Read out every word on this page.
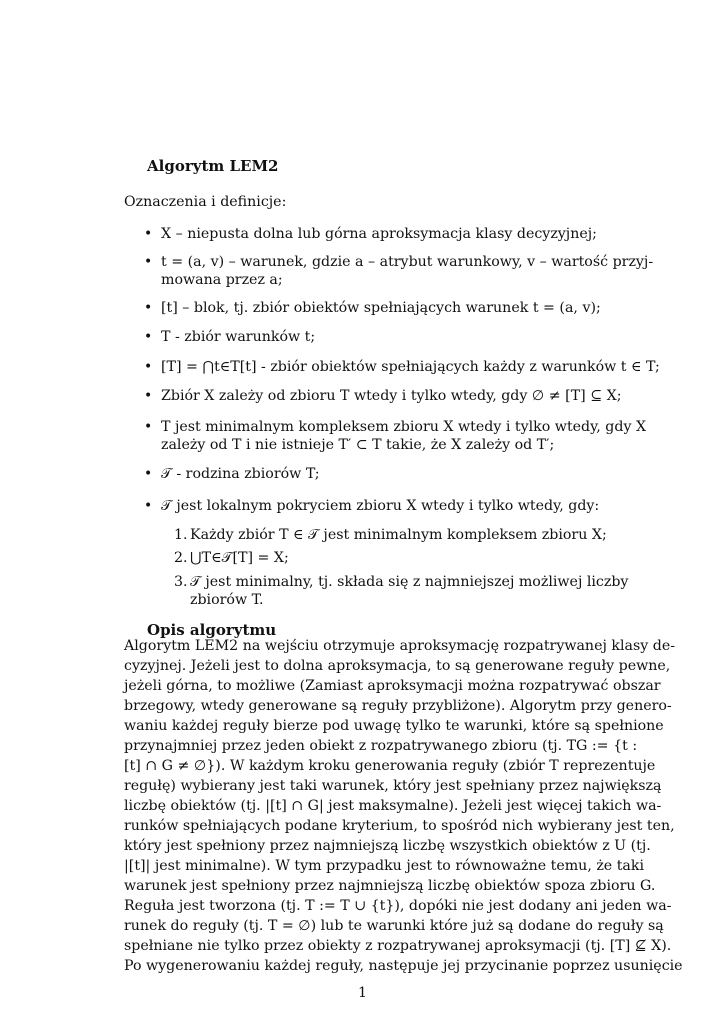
Algorytm LEM2
Oznaczenia i definicje:
• X – niepusta dolna lub górna aproksymacja klasy decyzyjnej;
• t = (a, v) – warunek, gdzie a – atrybut warunkowy, v – wartość przyj-
mowana przez a;
• [t] – blok, tj. zbiór obiektów spełniających warunek t = (a, v);
• T - zbiór warunków t;
• [T] = ⋂t∈T[t] - zbiór obiektów spełniających każdy z warunków t ∈ T;
• Zbiór X zależy od zbioru T wtedy i tylko wtedy, gdy ∅ ≠ [T] ⊆ X;
• T jest minimalnym kompleksem zbioru X wtedy i tylko wtedy, gdy X
zależy od T i nie istnieje T′ ⊂ T takie, że X zależy od T′;
• 𝒯 - rodzina zbiorów T;
• 𝒯 jest lokalnym pokryciem zbioru X wtedy i tylko wtedy, gdy:
1. Każdy zbiór T ∈ 𝒯 jest minimalnym kompleksem zbioru X;
2. ⋃T∈𝒯[T] = X;
3. 𝒯 jest minimalny, tj. składa się z najmniejszej możliwej liczby
zbiorów T.
Opis algorytmu
Algorytm LEM2 na wejściu otrzymuje aproksymację rozpatrywanej klasy de-
cyzyjnej. Jeżeli jest to dolna aproksymacja, to są generowane reguły pewne,
jeżeli górna, to możliwe (Zamiast aproksymacji można rozpatrywać obszar
brzegowy, wtedy generowane są reguły przybliżone). Algorytm przy genero-
waniu każdej reguły bierze pod uwagę tylko te warunki, które są spełnione
przynajmniej przez jeden obiekt z rozpatrywanego zbioru (tj. TG := {t :
[t] ∩ G ≠ ∅}). W każdym kroku generowania reguły (zbiór T reprezentuje
regułę) wybierany jest taki warunek, który jest spełniany przez największą
liczbę obiektów (tj. |[t] ∩ G| jest maksymalne). Jeżeli jest więcej takich wa-
runków spełniających podane kryterium, to spośród nich wybierany jest ten,
który jest spełniony przez najmniejszą liczbę wszystkich obiektów z U (tj.
|[t]| jest minimalne). W tym przypadku jest to równoważne temu, że taki
warunek jest spełniony przez najmniejszą liczbę obiektów spoza zbioru G.
Reguła jest tworzona (tj. T := T ∪ {t}), dopóki nie jest dodany ani jeden wa-
runek do reguły (tj. T = ∅) lub te warunki które już są dodane do reguły są
spełniane nie tylko przez obiekty z rozpatrywanej aproksymacji (tj. [T] ⊈ X).
Po wygenerowaniu każdej reguły, następuje jej przycinanie poprzez usunięcie
1
